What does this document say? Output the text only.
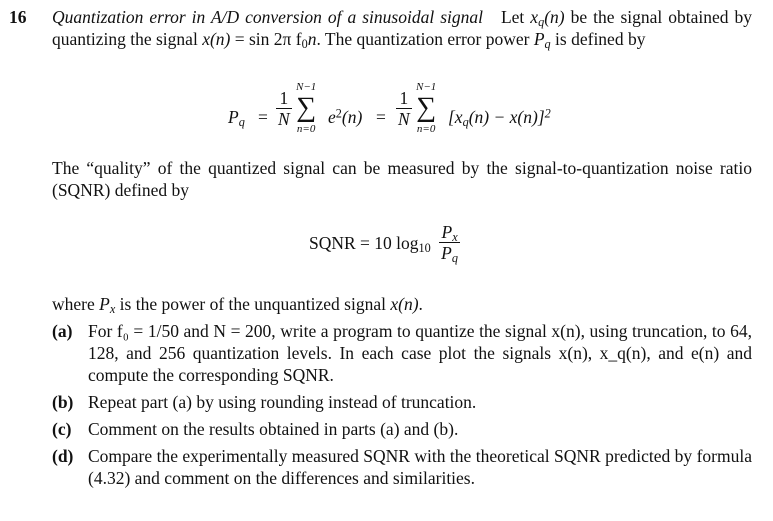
16 Quantization error in A/D conversion of a sinusoidal signal Let $x_q(n)$ be the signal obtained by quantizing the signal x(n) = sin 2π $f_0n$. The quantization error power $P_q$ is defined by
$P_q = \frac{1}{N}$
N−1
∑
n=0
$e^2(n) = \frac{1}{N}$
N−1
∑
n=0
$[x_q(n) - x(n)]^2$
The “quality” of the quantized signal can be measured by the signal-to-quantization noise ratio (SQNR) defined by
SQNR = 10 $\log_{10} \frac{P_x}{P_q}$
where $P_x$ is the power of the unquantized signal x(n).
(a) For f₀ = 1/50 and N = 200, write a program to quantize the signal x(n), using truncation, to 64, 128, and 256 quantization levels. In each case plot the signals x(n), x_q(n), and e(n) and compute the corresponding SQNR.
(b) Repeat part (a) by using rounding instead of truncation.
(c) Comment on the results obtained in parts (a) and (b).
(d) Compare the experimentally measured SQNR with the theoretical SQNR predicted by formula (4.32) and comment on the differences and similarities.
